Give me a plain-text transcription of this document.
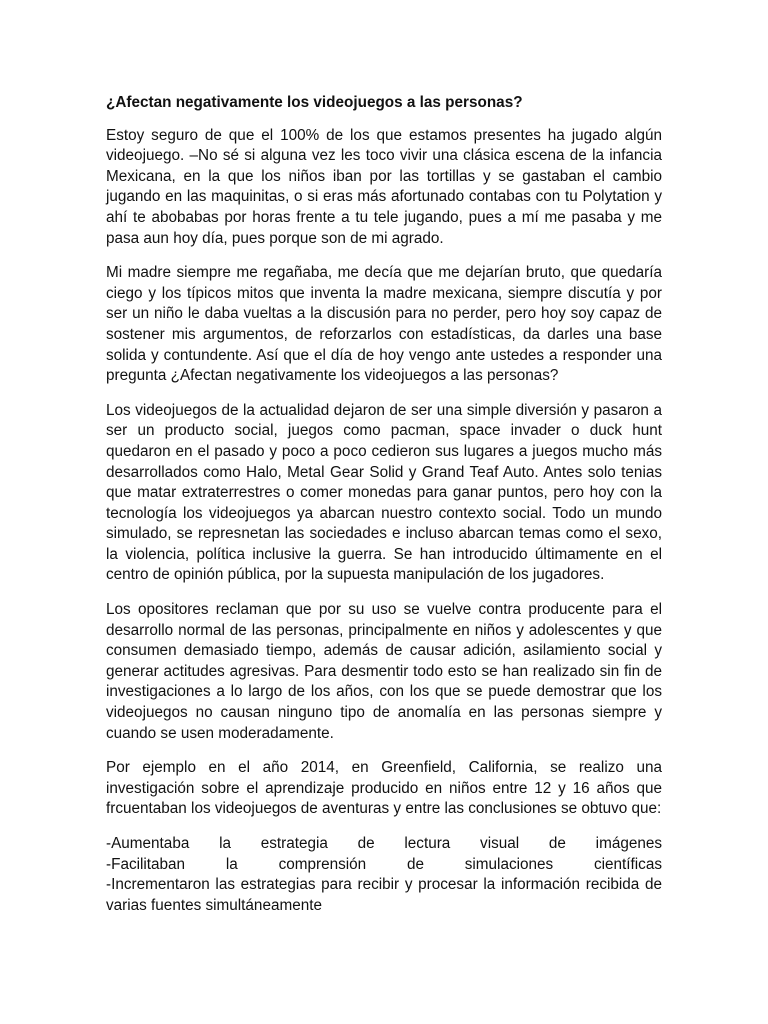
¿Afectan negativamente los videojuegos a las personas?

Estoy seguro de que el 100% de los que estamos presentes ha jugado algún videojuego. –No sé si alguna vez les toco vivir una clásica escena de la infancia Mexicana, en la que los niños iban por las tortillas y se gastaban el cambio jugando en las maquinitas, o si eras más afortunado contabas con tu Polytation y ahí te abobabas por horas frente a tu tele jugando, pues a mí me pasaba y me pasa aun hoy día, pues porque son de mi agrado.

Mi madre siempre me regañaba, me decía que me dejarían bruto, que quedaría ciego y los típicos mitos que inventa la madre mexicana, siempre discutía y por ser un niño le daba vueltas a la discusión para no perder, pero hoy soy capaz de sostener mis argumentos, de reforzarlos con estadísticas, da darles una base solida y contundente. Así que el día de hoy vengo ante ustedes a responder una pregunta ¿Afectan negativamente los videojuegos a las personas?

Los videojuegos de la actualidad dejaron de ser una simple diversión y pasaron a ser un producto social, juegos como pacman, space invader o duck hunt quedaron en el pasado y poco a poco cedieron sus lugares a juegos mucho más desarrollados como Halo, Metal Gear Solid y Grand Teaf Auto. Antes solo tenias que matar extraterrestres o comer monedas para ganar puntos, pero hoy con la tecnología los videojuegos ya abarcan nuestro contexto social. Todo un mundo simulado, se represnetan las sociedades e incluso abarcan temas como el sexo, la violencia, política inclusive la guerra. Se han introducido últimamente en el centro de opinión pública, por la supuesta manipulación de los jugadores.

Los opositores reclaman que por su uso se vuelve contra producente para el desarrollo normal de las personas, principalmente en niños y adolescentes y que consumen demasiado tiempo, además de causar adición, asilamiento social y generar actitudes agresivas. Para desmentir todo esto se han realizado sin fin de investigaciones a lo largo de los años, con los que se puede demostrar que los videojuegos no causan ninguno tipo de anomalía en las personas siempre y cuando se usen moderadamente.

Por ejemplo en el año 2014, en Greenfield, California, se realizo una investigación sobre el aprendizaje producido en niños entre 12 y 16 años que frcuentaban los videojuegos de aventuras y entre las conclusiones se obtuvo que:

-Aumentaba la estrategia de lectura visual de imágenes

-Facilitaban la comprensión de simulaciones científicas

-Incrementaron las estrategias para recibir y procesar la información recibida de varias fuentes simultáneamente
